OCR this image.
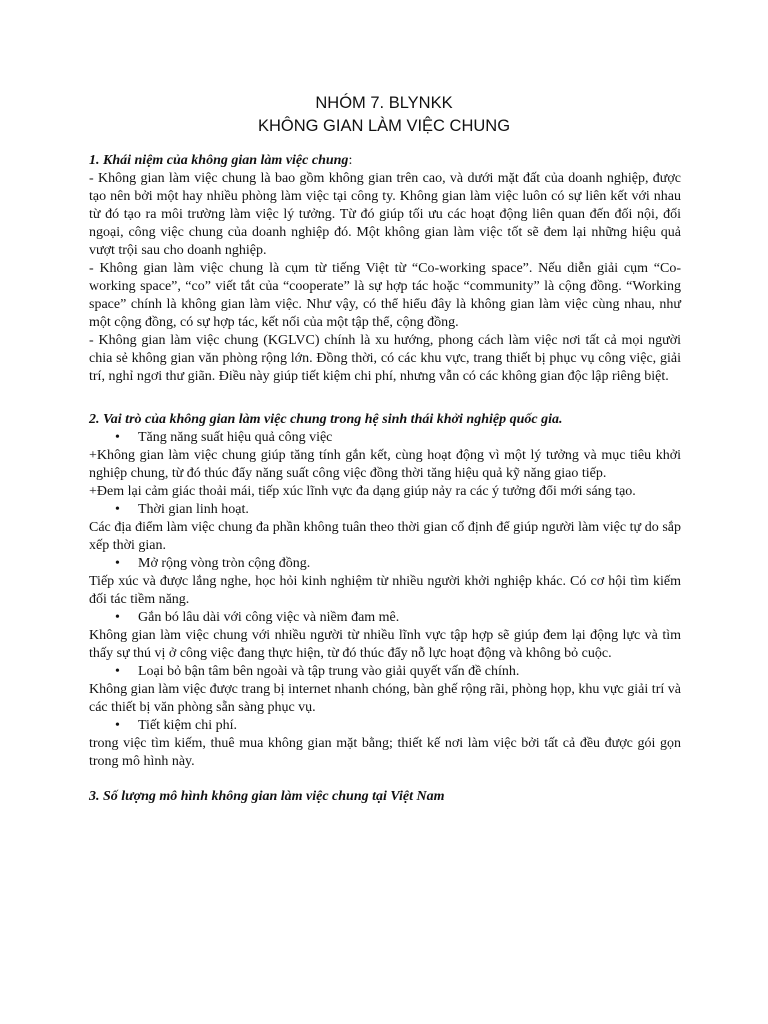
NHÓM 7. BLYNKK
KHÔNG GIAN LÀM VIỆC CHUNG
1. Khái niệm của không gian làm việc chung:
- Không gian làm việc chung là bao gồm không gian trên cao, và dưới mặt đất của doanh nghiệp, được tạo nên bởi một hay nhiều phòng làm việc tại công ty. Không gian làm việc luôn có sự liên kết với nhau từ đó tạo ra môi trường làm việc lý tưởng. Từ đó giúp tối ưu các hoạt động liên quan đến đối nội, đối ngoại, công việc chung của doanh nghiệp đó. Một không gian làm việc tốt sẽ đem lại những hiệu quả vượt trội sau cho doanh nghiệp.
- Không gian làm việc chung là cụm từ tiếng Việt từ “Co-working space”. Nếu diễn giải cụm “Co-working space”, “co” viết tắt của “cooperate” là sự hợp tác hoặc “community” là cộng đồng. “Working space” chính là không gian làm việc. Như vậy, có thể hiểu đây là không gian làm việc cùng nhau, như một cộng đồng, có sự hợp tác, kết nối của một tập thể, cộng đồng.
- Không gian làm việc chung (KGLVC) chính là xu hướng, phong cách làm việc nơi tất cả mọi người chia sẻ không gian văn phòng rộng lớn. Đồng thời, có các khu vực, trang thiết bị phục vụ công việc, giải trí, nghỉ ngơi thư giãn. Điều này giúp tiết kiệm chi phí, nhưng vẫn có các không gian độc lập riêng biệt.
2. Vai trò của không gian làm việc chung trong hệ sinh thái khởi nghiệp quốc gia.
• Tăng năng suất hiệu quả công việc
+Không gian làm việc chung giúp tăng tính gắn kết, cùng hoạt động vì một lý tưởng và mục tiêu khởi nghiệp chung, từ đó thúc đẩy năng suất công việc đồng thời tăng hiệu quả kỹ năng giao tiếp.
+Đem lại cảm giác thoải mái, tiếp xúc lĩnh vực đa dạng giúp nảy ra các ý tưởng đổi mới sáng tạo.
• Thời gian linh hoạt.
Các địa điểm làm việc chung đa phần không tuân theo thời gian cố định để giúp người làm việc tự do sắp xếp thời gian.
• Mở rộng vòng tròn cộng đồng.
Tiếp xúc và được lắng nghe, học hỏi kinh nghiệm từ nhiều người khởi nghiệp khác. Có cơ hội tìm kiếm đối tác tiềm năng.
• Gắn bó lâu dài với công việc và niềm đam mê.
Không gian làm việc chung với nhiều người từ nhiều lĩnh vực tập hợp sẽ giúp đem lại động lực và tìm thấy sự thú vị ở công việc đang thực hiện, từ đó thúc đẩy nỗ lực hoạt động và không bỏ cuộc.
• Loại bỏ bận tâm bên ngoài và tập trung vào giải quyết vấn đề chính.
Không gian làm việc được trang bị internet nhanh chóng, bàn ghế rộng rãi, phòng họp, khu vực giải trí và các thiết bị văn phòng sẵn sàng phục vụ.
• Tiết kiệm chi phí.
trong việc tìm kiếm, thuê mua không gian mặt bằng; thiết kế nơi làm việc bởi tất cả đều được gói gọn trong mô hình này.
3. Số lượng mô hình không gian làm việc chung tại Việt Nam
